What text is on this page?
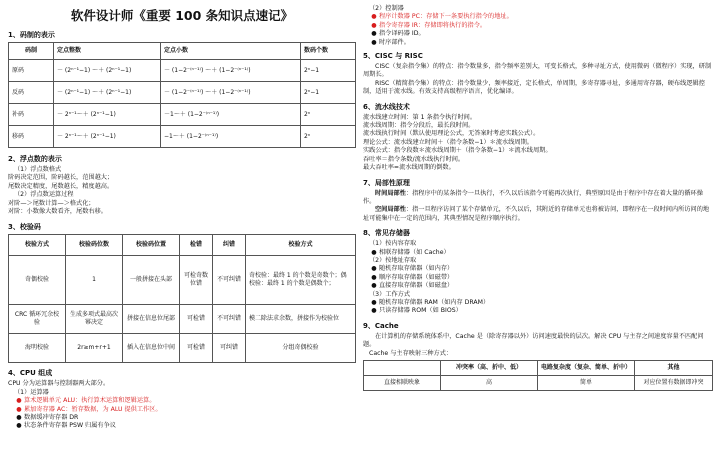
软件设计师《重要 100 条知识点速记》
1、码制的表示
码制	定点整数	定点小数	数码个数
原码	－ (2ⁿ⁻¹−1) ～＋ (2ⁿ⁻¹−1)	－ (1−2⁻⁽ⁿ⁻¹⁾) ～＋ (1−2⁻⁽ⁿ⁻¹⁾)	2ⁿ−1
反码	－ (2ⁿ⁻¹−1) ～＋ (2ⁿ⁻¹−1)	－ (1−2⁻⁽ⁿ⁻¹⁾) ～＋ (1−2⁻⁽ⁿ⁻¹⁾)	2ⁿ−1
补码	－ 2ⁿ⁻¹～＋ (2ⁿ⁻¹−1)	－1～＋ (1−2⁻⁽ⁿ⁻¹⁾)	2ⁿ
移码	－ 2ⁿ⁻¹～＋ (2ⁿ⁻¹−1)	−1～＋ (1−2⁻⁽ⁿ⁻¹⁾)	2ⁿ
2、浮点数的表示

（1）浮点数格式

阶码决定范围，阶码越长，范围越大；

尾数决定精度，尾数越长，精度越高。

（2）浮点数运算过程

对阶—＞尾数计算—＞格式化；

对阶：小数像大数看齐，尾数右移。

3、校验码
校验方式	校验码位数	校验码位置	检错	纠错	校验方式
奇偶校验	1	一般拼接在头部	可检奇数位错	不可纠错	奇校验：最终 1 的个数是奇数个；偶校验：最终 1 的个数是偶数个；
CRC 循环冗余校验	生成多项式最高次幂决定	拼接在信息位尾部	可检错	不可纠错	模二除法求余数，拼接作为校验位
海明校验	2r≥m+r+1	插入在信息位中间	可检错	可纠错	分组奇偶校验
4、CPU 组成

CPU 分为运算器与控制器两大部分。

（1）运算器

● 算术逻辑单元 ALU：执行算术运算和逻辑运算。
● 累加寄存器 AC：暂存数据，为 ALU 提供工作区。
● 数据缓冲寄存器 DR
● 状态条件寄存器 PSW 归属有争议

（2）控制器

● 程序计数器 PC：存储下一条要执行指令的地址。
● 指令寄存器 IR：存储即将执行的指令。
● 指令译码器 ID。
● 时序部件。
5、CISC 与 RISC

CISC（复杂指令集）的特点：指令数量多，指令频率差别大，可变长格式，多种寻址方式，使用微码（微程序）实现，研制周期长。

RISC（精简指令集）的特点：指令数量少，频率接近，定长格式，单周期，多寄存器寻址，多通用寄存器，硬布线逻辑控制，适用于流水线。有效支持高级程序语言，优化编译。

6、流水线技术

流水线建立时间：第 1 条指令执行时间。

流水线周期：指令分段后，最长段时间。

流水线执行时间（默认使用理论公式，无答案时考虑实践公式）。

理论公式：流水线建立时间＋（指令条数−1）＊流水线周期。

实践公式：指令段数＊流水线周期＋（指令条数−1）＊流水线周期。

吞吐率＝指令条数/流水线执行时间。

最大吞吐率=流水线周期的倒数。

7、局部性原理

时间局部性：指程序中的某条指令一旦执行，不久以后该指令可能再次执行，典型原因是由于程序中存在着大量的循环操作。

空间局部性：指一旦程序访问了某个存储单元，不久以后，其附近的存储单元也将被访问，即程序在一段时间内所访问的地址可能集中在一定的范围内，其典型情况是程序顺序执行。

8、常见存储器

（1）按内容存取

● 相联存储器（如 Cache）

（2）按地址存取

● 随机存取存储器（如内存）
● 顺序存取存储器（如磁带）
● 直接存取存储器（如磁盘）

（3）工作方式

● 随机存取存储器 RAM（如内存 DRAM）
● 只读存储器 ROM（如 BIOS）
9、Cache

在计算机的存储系统体系中，Cache 是（除寄存器以外）访问速度最快的层次。解决 CPU 与主存之间速度容量不匹配问题。

Cache 与主存映射三种方式：

	冲突率（高、折中、低）	电路复杂度（复杂、简单、折中）	其他
直接相联映象	高	简单	对应位置有数据即冲突
